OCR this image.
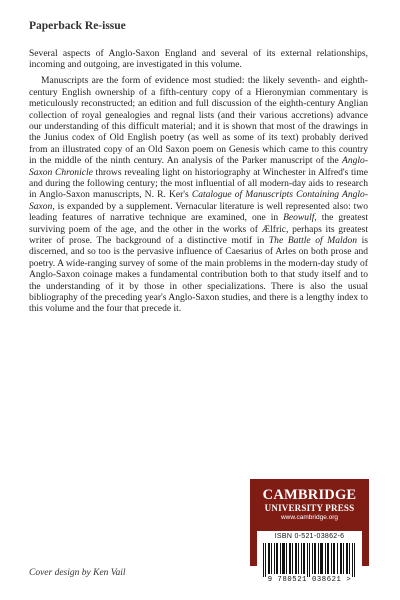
Paperback Re-issue

Several aspects of Anglo-Saxon England and several of its external relationships, incoming and outgoing, are investigated in this volume.

Manuscripts are the form of evidence most studied: the likely seventh- and eighth-century English ownership of a fifth-century copy of a Hieronymian commentary is meticulously reconstructed; an edition and full discussion of the eighth-century Anglian collection of royal genealogies and regnal lists (and their various accretions) advance our understanding of this difficult material; and it is shown that most of the drawings in the Junius codex of Old English poetry (as well as some of its text) probably derived from an illustrated copy of an Old Saxon poem on Genesis which came to this country in the middle of the ninth century. An analysis of the Parker manuscript of the Anglo-Saxon Chronicle throws revealing light on historiography at Winchester in Alfred's time and during the following century; the most influential of all modern-day aids to research in Anglo-Saxon manuscripts, N. R. Ker's Catalogue of Manuscripts Containing Anglo-Saxon, is expanded by a supplement. Vernacular literature is well represented also: two leading features of narrative technique are examined, one in Beowulf, the greatest surviving poem of the age, and the other in the works of Ælfric, perhaps its greatest writer of prose. The background of a distinctive motif in The Battle of Maldon is discerned, and so too is the pervasive influence of Caesarius of Arles on both prose and poetry. A wide-ranging survey of some of the main problems in the modern-day study of Anglo-Saxon coinage makes a fundamental contribution both to that study itself and to the understanding of it by those in other specializations. There is also the usual bibliography of the preceding year's Anglo-Saxon studies, and there is a lengthy index to this volume and the four that precede it.

CAMBRIDGE
UNIVERSITY PRESS
www.cambridge.org
ISBN 0-521-03862-6
9 780521 038621 >
Cover design by Ken Vail
